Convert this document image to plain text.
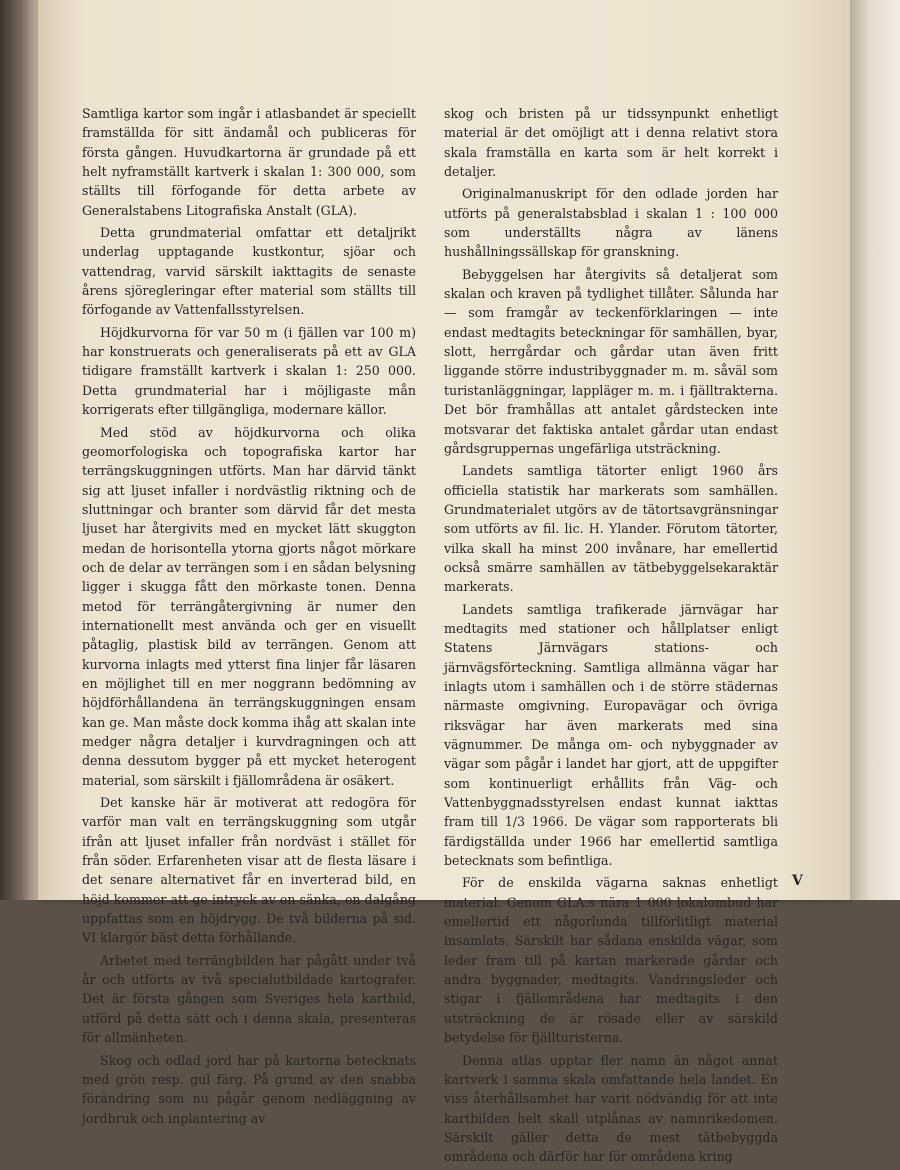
Samtliga kartor som ingår i atlasbandet är speciellt framställda för sitt ändamål och publiceras för första gången. Huvudkartorna är grundade på ett helt nyframställt kartverk i skalan 1: 300 000, som ställts till förfogande för detta arbete av Generalstabens Litografiska Anstalt (GLA).

Detta grundmaterial omfattar ett detaljrikt underlag upptagande kustkontur, sjöar och vattendrag, varvid särskilt iakttagits de senaste årens sjöregleringar efter material som ställts till förfogande av Vattenfallsstyrelsen.

Höjdkurvorna för var 50 m (i fjällen var 100 m) har konstruerats och generaliserats på ett av GLA tidigare framställt kartverk i skalan 1: 250 000. Detta grundmaterial har i möjligaste mån korrigerats efter tillgängliga, modernare källor.

Med stöd av höjdkurvorna och olika geomorfologiska och topografiska kartor har terrängskuggningen utförts. Man har därvid tänkt sig att ljuset infaller i nordvästlig riktning och de sluttningar och branter som därvid får det mesta ljuset har återgivits med en mycket lätt skuggton medan de horisontella ytorna gjorts något mörkare och de delar av terrängen som i en sådan belysning ligger i skugga fått den mörkaste tonen. Denna metod för terrängåtergivning är numer den internationellt mest använda och ger en visuellt påtaglig, plastisk bild av terrängen. Genom att kurvorna inlagts med ytterst fina linjer får läsaren en möjlighet till en mer noggrann bedömning av höjdförhållandena än terrängskuggningen ensam kan ge. Man måste dock komma ihåg att skalan inte medger några detaljer i kurvdragningen och att denna dessutom bygger på ett mycket heterogent material, som särskilt i fjällområdena är osäkert.

Det kanske här är motiverat att redogöra för varför man valt en terrängskuggning som utgår ifrån att ljuset infaller från nordväst i stället för från söder. Erfarenheten visar att de flesta läsare i det senare alternativet får en inverterad bild, en höjd kommer att ge intryck av en sänka, en dalgång uppfattas som en höjdrygg. De två bilderna på sid. VI klargör bäst detta förhållande.

Arbetet med terrängbilden har pågått under två år och utförts av två specialutbildade kartografer. Det är första gången som Sveriges hela kartbild, utförd på detta sätt och i denna skala, presenteras för allmänheten.

Skog och odlad jord har på kartorna betecknats med grön resp. gul färg. På grund av den snabba förändring som nu pågår genom nedläggning av jordbruk och inplantering av

skog och bristen på ur tidssynpunkt enhetligt material är det omöjligt att i denna relativt stora skala framställa en karta som är helt korrekt i detaljer.

Originalmanuskript för den odlade jorden har utförts på generalstabsblad i skalan 1 : 100 000 som underställts några av länens hushållningssällskap för granskning.

Bebyggelsen har återgivits så detaljerat som skalan och kraven på tydlighet tillåter. Sålunda har — som framgår av teckenförklaringen — inte endast medtagits beteckningar för samhällen, byar, slott, herrgårdar och gårdar utan även fritt liggande större industribyggnader m. m. såväl som turistanläggningar, lappläger m. m. i fjälltrakterna. Det bör framhållas att antalet gårdstecken inte motsvarar det faktiska antalet gårdar utan endast gårdsgruppernas ungefärliga utsträckning.

Landets samtliga tätorter enligt 1960 års officiella statistik har markerats som samhällen. Grundmaterialet utgörs av de tätortsavgränsningar som utförts av fil. lic. H. Ylander. Förutom tätorter, vilka skall ha minst 200 invånare, har emellertid också smärre samhällen av tätbebyggelsekaraktär markerats.

Landets samtliga trafikerade järnvägar har medtagits med stationer och hållplatser enligt Statens Järnvägars stations- och järnvägsförteckning. Samtliga allmänna vägar har inlagts utom i samhällen och i de större städernas närmaste omgivning. Europavägar och övriga riksvägar har även markerats med sina vägnummer. De många om- och nybyggnader av vägar som pågår i landet har gjort, att de uppgifter som kontinuerligt erhållits från Väg- och Vattenbyggnadsstyrelsen endast kunnat iakttas fram till 1/3 1966. De vägar som rapporterats bli färdigställda under 1966 har emellertid samtliga betecknats som befintliga.

För de enskilda vägarna saknas enhetligt material. Genom GLA:s nära 1 000 lokalombud har emellertid ett någorlunda tillförlitligt material insamlats. Särskilt har sådana enskilda vägar, som leder fram till på kartan markerade gårdar och andra byggnader, medtagits. Vandringsleder och stigar i fjällområdena har medtagits i den utsträckning de är rösade eller av särskild betydelse för fjällturisterna.

Denna atlas upptar fler namn än något annat kartverk i samma skala omfattande hela landet. En viss återhållsamhet har varit nödvändig för att inte kartbilden helt skall utplånas av namnrikedomen. Särskilt gäller detta de mest tätbebyggda områdena och därför har för områdena kring

V
